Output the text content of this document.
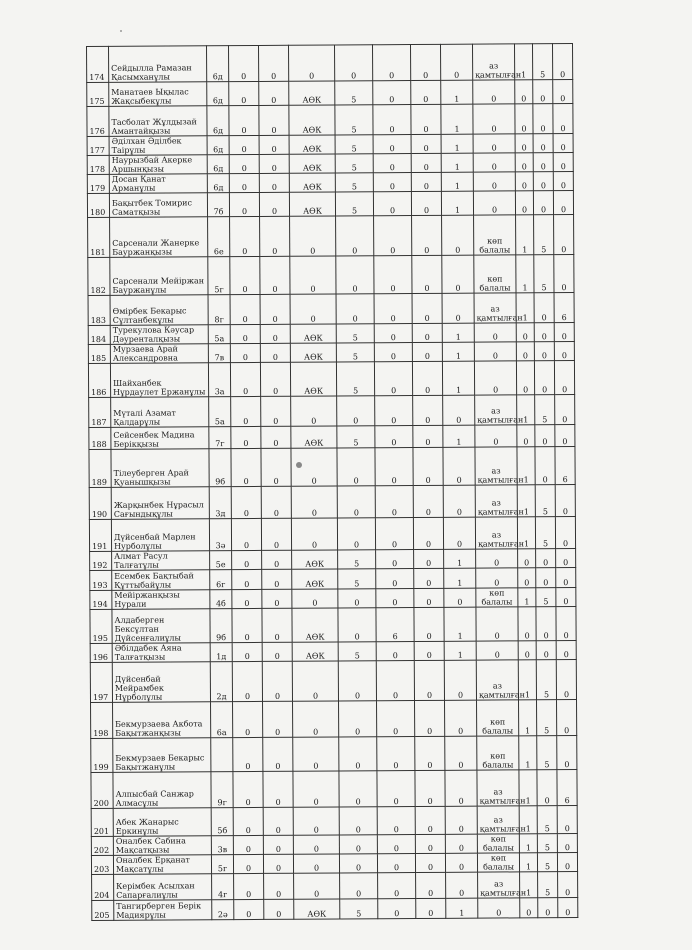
174	Сейдылла Рамазан Қасымханұлы	6д	0	0	0	0	0	0	0	аз қамтылған	1	5	0
175	Манатаев Ықылас Жақсыбекұлы	6д	0	0	АӨК	5	0	0	1	0	0	0	0
176	Тасболат Жұлдызай Амантайқызы	6д	0	0	АӨК	5	0	0	1	0	0	0	0
177	Әділхан Әділбек Таірұлы	6д	0	0	АӨК	5	0	0	1	0	0	0	0
178	Наурызбай Акерке Аршынқызы	6д	0	0	АӨК	5	0	0	1	0	0	0	0
179	Досан Қанат Арманұлы	6д	0	0	АӨК	5	0	0	1	0	0	0	0
180	Бақытбек Томирис Саматқызы	7б	0	0	АӨК	5	0	0	1	0	0	0	0
181	Сарсенали Жанерке Бауржанқызы	6е	0	0	0	0	0	0	0	көп балалы	1	5	0
182	Сарсенали Мейіржан Бауржанұлы	5г	0	0	0	0	0	0	0	көп балалы	1	5	0
183	Өмірбек Бекарыс Сұлтанбекұлы	8г	0	0	0	0	0	0	0	аз қамтылған	1	0	6
184	Турекулова Кәусар Дәуренталқызы	5а	0	0	АӨК	5	0	0	1	0	0	0	0
185	Мурзаева Арай Александровна	7в	0	0	АӨК	5	0	0	1	0	0	0	0
186	Шайханбек Нұрдаулет Ержанұлы	3а	0	0	АӨК	5	0	0	1	0	0	0	0
187	Мүталі Азамат Қалдарұлы	5а	0	0	0	0	0	0	0	аз қамтылған	1	5	0
188	Сейсенбек Мадина Берікқызы	7г	0	0	АӨК	5	0	0	1	0	0	0	0
189	Тілеуберген Арай Қуанышқызы	9б	0	0	0	0	0	0	0	аз қамтылған	1	0	6
190	Жарқынбек Нұрасыл Сағындықұлы	3д	0	0	0	0	0	0	0	аз қамтылған	1	5	0
191	Дүйсенбай Марлен Нурболұлы	3ә	0	0	0	0	0	0	0	аз қамтылған	1	5	0
192	Алмат Расул Талғатұлы	5е	0	0	АӨК	5	0	0	1	0	0	0	0
193	Есембек Бақтыбай Құттыбайұлы	6г	0	0	АӨК	5	0	0	1	0	0	0	0
194	Мейіржанқызы Нурали	4б	0	0	0	0	0	0	0	көп балалы	1	5	0
195	Алдаберген Бексұлтан Дүйсенғалиұлы	9б	0	0	АӨК	0	6	0	1	0	0	0	0
196	Әбілдабек Аяна Талғатқызы	1д	0	0	АӨК	5	0	0	1	0	0	0	0
197	Дүйсенбай Мейрамбек Нұрболұлы	2д	0	0	0	0	0	0	0	аз қамтылған	1	5	0
198	Бекмурзаева Акбота Бақытжанқызы	6а	0	0	0	0	0	0	0	көп балалы	1	5	0
199	Бекмурзаев Бекарыс Бақытжанұлы		0	0	0	0	0	0	0	көп балалы	1	5	0
200	Алпысбай Санжар Алмасұлы	9г	0	0	0	0	0	0	0	аз қамтылған	1	0	6
201	Абек Жанарыс Еркинұлы	5б	0	0	0	0	0	0	0	аз қамтылған	1	5	0
202	Оналбек Сабина Мақсатқызы	3в	0	0	0	0	0	0	0	көп балалы	1	5	0
203	Оналбек Ерқанат Мақсатұлы	5г	0	0	0	0	0	0	0	көп балалы	1	5	0
204	Керімбек Асылхан Сапарғалиұлы	4г	0	0	0	0	0	0	0	аз қамтылған	1	5	0
205	Тангирберген Берік Мадиярұлы	2ә	0	0	АӨК	5	0	0	1	0	0	0	0
